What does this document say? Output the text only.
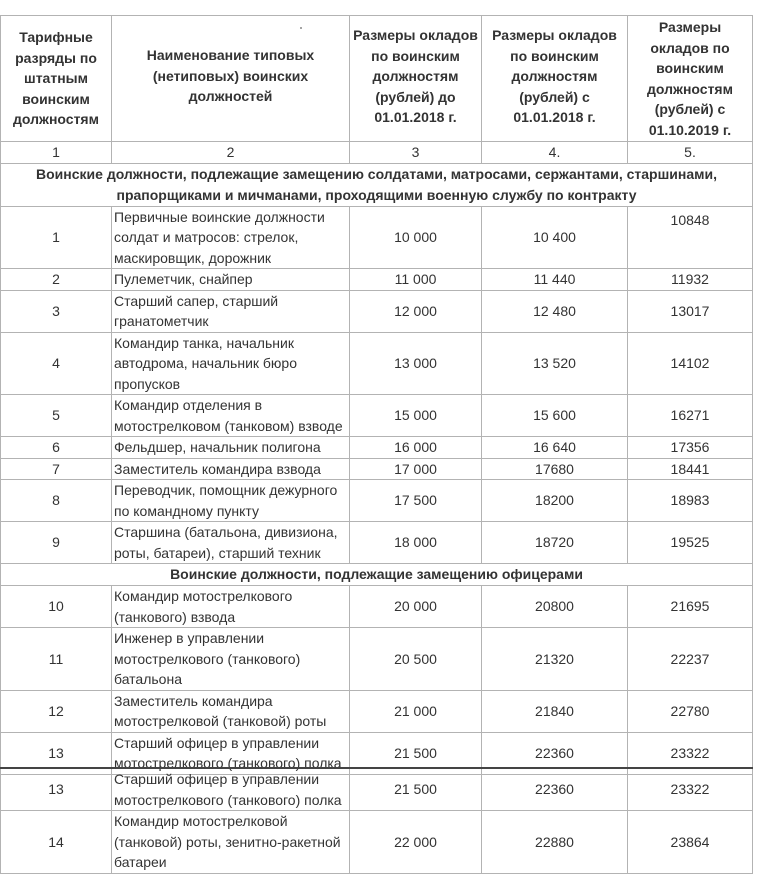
Тарифные разряды по штатным воинским должностям	Наименование типовых (нетиповых) воинских должностей	Размеры окладов по воинским должностям (рублей) до 01.01.2018 г.	Размеры окладов по воинским должностям (рублей) с 01.01.2018 г.	Размеры окладов по воинским должностям (рублей) с 01.10.2019 г.
1	2	3	4.	5.
Воинские должности, подлежащие замещению солдатами, матросами, сержантами, старшинами, прапорщиками и мичманами, проходящими военную службу по контракту				
1	Первичные воинские должности солдат и матросов: стрелок, маскировщик, дорожник	10 000	10 400	10848
2	Пулеметчик, снайпер	11 000	11 440	11932
3	Старший сапер, старший гранатометчик	12 000	12 480	13017
4	Командир танка, начальник автодрома, начальник бюро пропусков	13 000	13 520	14102
5	Командир отделения в мотострелковом (танковом) взводе	15 000	15 600	16271
6	Фельдшер, начальник полигона	16 000	16 640	17356
7	Заместитель командира взвода	17 000	17680	18441
8	Переводчик, помощник дежурного по командному пункту	17 500	18200	18983
9	Старшина (батальона, дивизиона, роты, батареи), старший техник	18 000	18720	19525
Воинские должности, подлежащие замещению офицерами				
10	Командир мотострелкового (танкового) взвода	20 000	20800	21695
11	Инженер в управлении мотострелкового (танкового) батальона	20 500	21320	22237
12	Заместитель командира мотострелковой (танковой) роты	21 000	21840	22780
13	Старший офицер в управлении мотострелкового (танкового) полка	21 500	22360	23322
13	Старший офицер в управлении мотострелкового (танкового) полка	21 500	22360	23322
14	Командир мотострелковой (танковой) роты, зенитно-ракетной батареи	22 000	22880	23864
